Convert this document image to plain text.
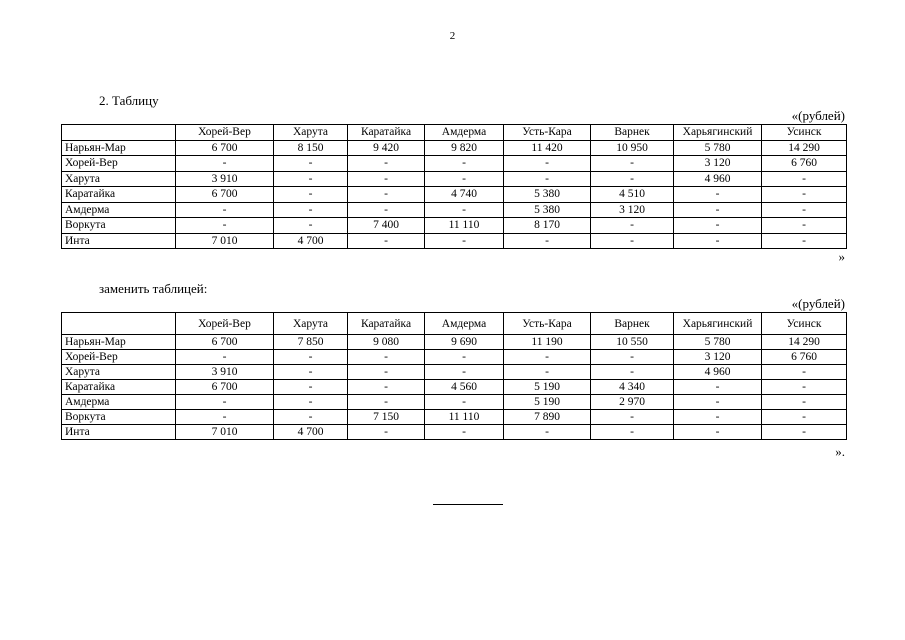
2
2. Таблицу
«(рублей)
	Хорей-Вер	Харута	Каратайка	Амдерма	Усть-Кара	Варнек	Харьягинский	Усинск
Нарьян-Мар	6 700	8 150	9 420	9 820	11 420	10 950	5 780	14 290
Хорей-Вер	-	-	-	-	-	-	3 120	6 760
Харута	3 910	-	-	-	-	-	4 960	-
Каратайка	6 700	-	-	4 740	5 380	4 510	-	-
Амдерма	-	-	-	-	5 380	3 120	-	-
Воркута	-	-	7 400	11 110	8 170	-	-	-
Инта	7 010	4 700	-	-	-	-	-	-
»
заменить таблицей:
«(рублей)
	Хорей-Вер	Харута	Каратайка	Амдерма	Усть-Кара	Варнек	Харьягинский	Усинск
Нарьян-Мар	6 700	7 850	9 080	9 690	11 190	10 550	5 780	14 290
Хорей-Вер	-	-	-	-	-	-	3 120	6 760
Харута	3 910	-	-	-	-	-	4 960	-
Каратайка	6 700	-	-	4 560	5 190	4 340	-	-
Амдерма	-	-	-	-	5 190	2 970	-	-
Воркута	-	-	7 150	11 110	7 890	-	-	-
Инта	7 010	4 700	-	-	-	-	-	-
».
